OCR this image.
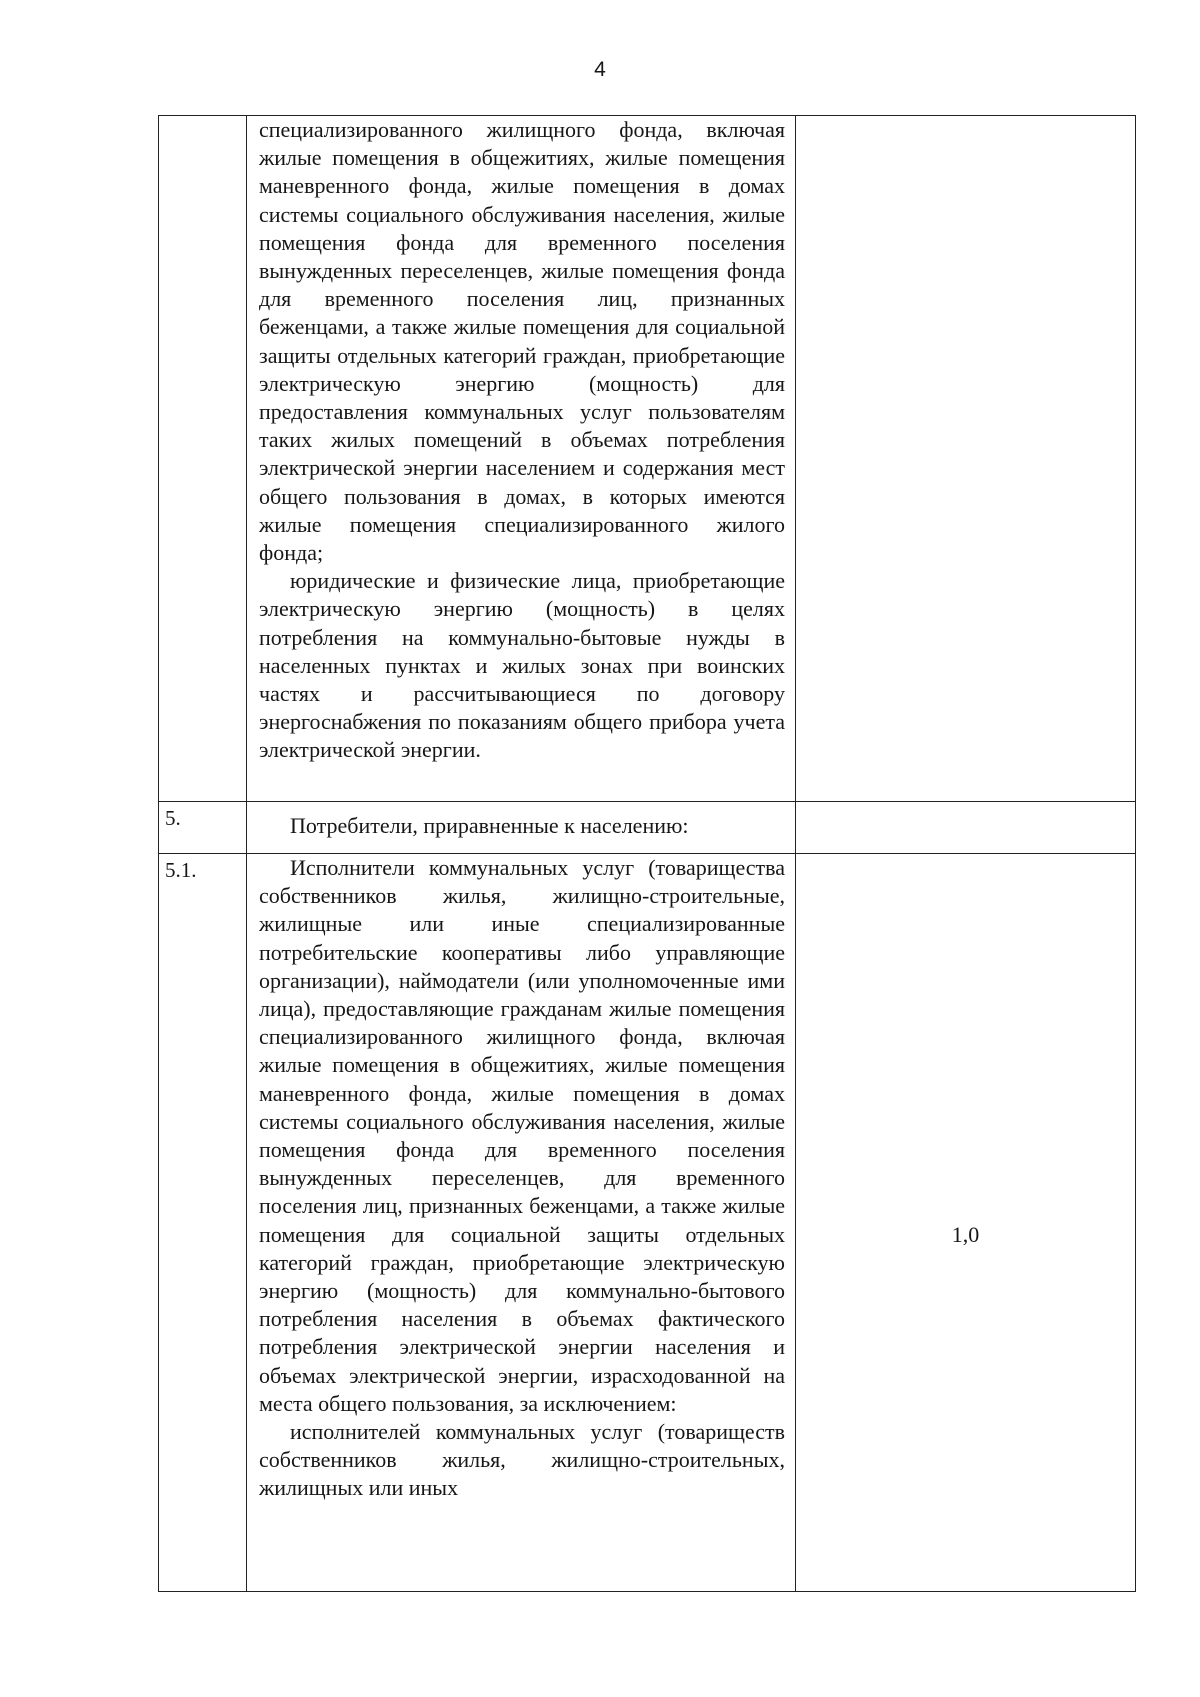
4

	специализированного жилищного фонда, включая жилые помещения в общежитиях, жилые помещения маневренного фонда, жилые помещения в домах системы социального обслуживания населения, жилые помещения фонда для временного поселения вынужденных переселенцев, жилые помещения фонда для временного поселения лиц, признанных беженцами, а также жилые помещения для социальной защиты отдельных категорий граждан, приобретающие электрическую энергию (мощность) для предоставления коммунальных услуг пользователям таких жилых помещений в объемах потребления электрической энергии населением и содержания мест общего пользования в домах, в которых имеются жилые помещения специализированного жилого фонда;

юридические и физические лица, приобретающие электрическую энергию (мощность) в целях потребления на коммунально-бытовые нужды в населенных пунктах и жилых зонах при воинских частях и рассчитывающиеся по договору энергоснабжения по показаниям общего прибора учета электрической энергии.	

5.	Потребители, приравненные к населению:	

5.1.	Исполнители коммунальных услуг (товарищества собственников жилья, жилищно-строительные, жилищные или иные специализированные потребительские кооперативы либо управляющие организации), наймодатели (или уполномоченные ими лица), предоставляющие гражданам жилые помещения специализированного жилищного фонда, включая жилые помещения в общежитиях, жилые помещения маневренного фонда, жилые помещения в домах системы социального обслуживания населения, жилые помещения фонда для временного поселения вынужденных переселенцев, для временного поселения лиц, признанных беженцами, а также жилые помещения для социальной защиты отдельных категорий граждан, приобретающие электрическую энергию (мощность) для коммунально-бытового потребления населения в объемах фактического потребления электрической энергии населения и объемах электрической энергии, израсходованной на места общего пользования, за исключением:

исполнителей коммунальных услуг (товариществ собственников жилья, жилищно-строительных, жилищных или иных	1,0
